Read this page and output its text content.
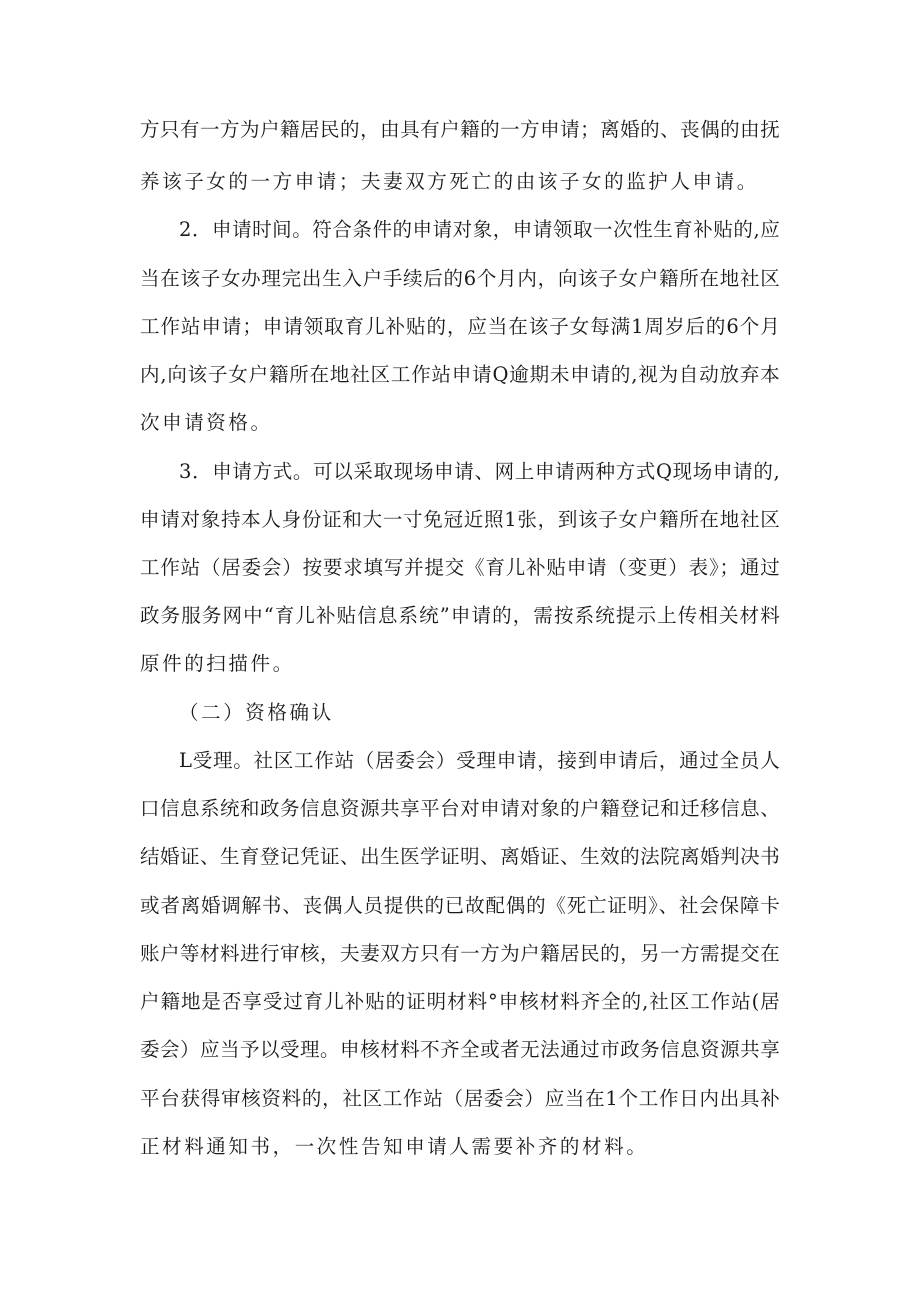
方只有一方为户籍居民的，由具有户籍的一方申请；离婚的、丧偶的由抚

养该子女的一方申请；夫妻双方死亡的由该子女的监护人申请。

2．申请时间。符合条件的申请对象，申请领取一次性生育补贴的,应

当在该子女办理完出生入户手续后的6个月内，向该子女户籍所在地社区

工作站申请；申请领取育儿补贴的，应当在该子女每满1周岁后的6个月

内,向该子女户籍所在地社区工作站申请Q逾期未申请的,视为自动放弃本

次申请资格。

3．申请方式。可以采取现场申请、网上申请两种方式Q现场申请的,

申请对象持本人身份证和大一寸免冠近照1张，到该子女户籍所在地社区

工作站（居委会）按要求填写并提交《育儿补贴申请（变更）表》；通过

政务服务网中“育儿补贴信息系统”申请的，需按系统提示上传相关材料

原件的扫描件。

（二）资格确认

L受理。社区工作站（居委会）受理申请，接到申请后，通过全员人

口信息系统和政务信息资源共享平台对申请对象的户籍登记和迁移信息、

结婚证、生育登记凭证、出生医学证明、离婚证、生效的法院离婚判决书

或者离婚调解书、丧偶人员提供的已故配偶的《死亡证明》、社会保障卡

账户等材料进行审核，夫妻双方只有一方为户籍居民的，另一方需提交在

户籍地是否享受过育儿补贴的证明材料°申核材料齐全的,社区工作站(居

委会）应当予以受理。申核材料不齐全或者无法通过市政务信息资源共享

平台获得审核资料的，社区工作站（居委会）应当在1个工作日内出具补

正材料通知书，一次性告知申请人需要补齐的材料。
